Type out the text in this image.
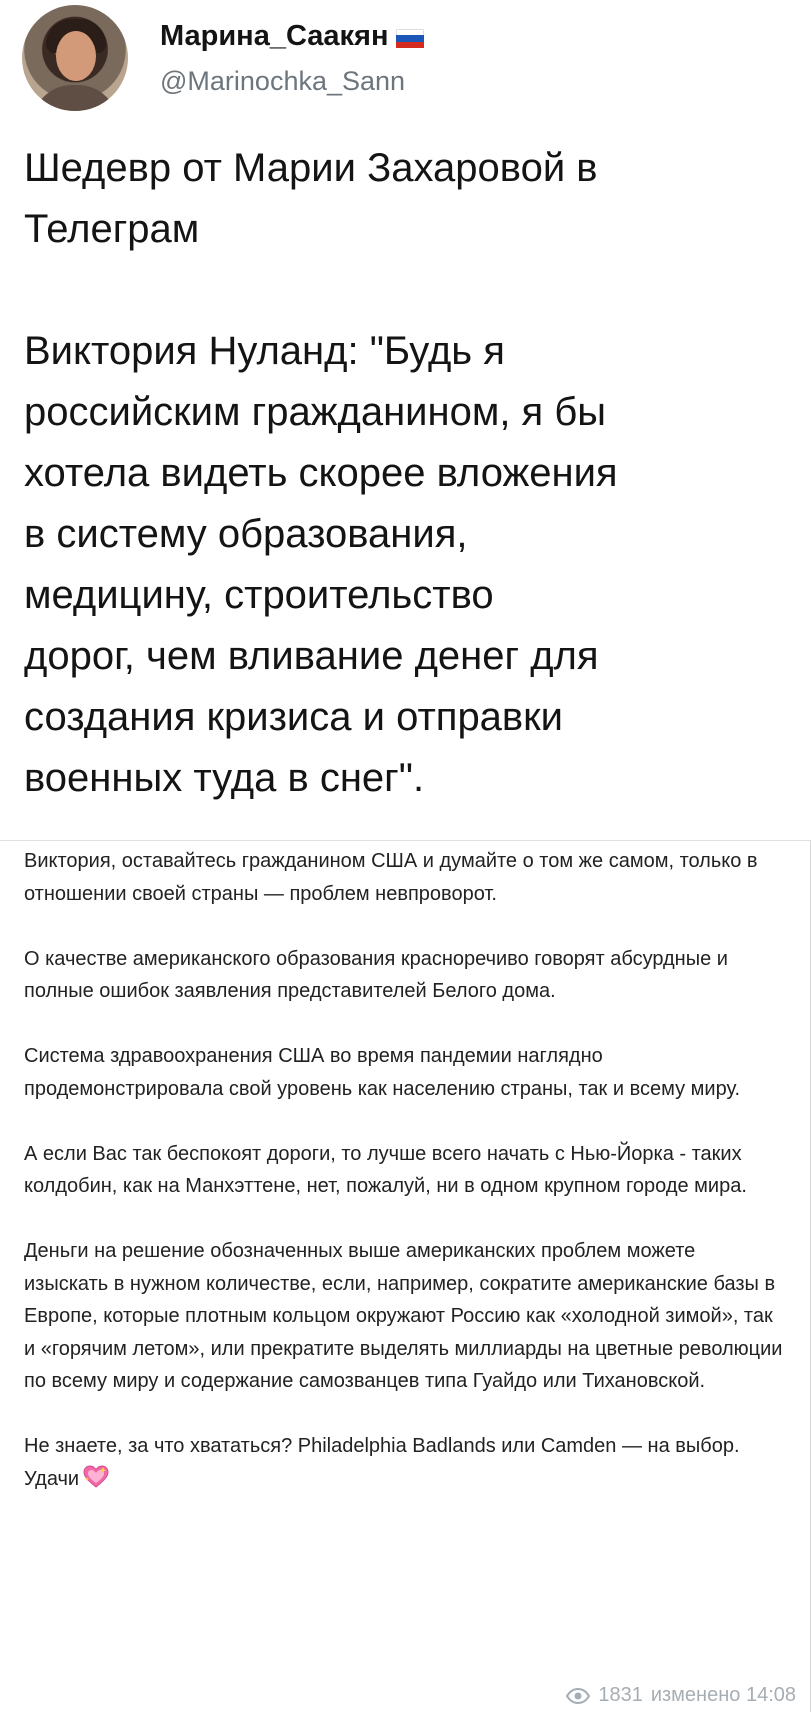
Марина_Саакян
@Marinochka_Sann
Шедевр от Марии Захаровой в
Телеграм

Виктория Нуланд: "Будь я
российским гражданином, я бы
хотела видеть скорее вложения
в систему образования,
медицину, строительство
дорог, чем вливание денег для
создания кризиса и отправки
военных туда в снег".

Виктория, оставайтесь гражданином США и думайте о том же самом, только в отношении своей страны — проблем невпроворот.

О качестве американского образования красноречиво говорят абсурдные и полные ошибок заявления представителей Белого дома.

Система здравоохранения США во время пандемии наглядно продемонстрировала свой уровень как населению страны, так и всему миру.

А если Вас так беспокоят дороги, то лучше всего начать с Нью-Йорка - таких колдобин, как на Манхэттене, нет, пожалуй, ни в одном крупном городе мира.

Деньги на решение обозначенных выше американских проблем можете изыскать в нужном количестве, если, например, сократите американские базы в Европе, которые плотным кольцом окружают Россию как «холодной зимой», так и «горячим летом», или прекратите выделять миллиарды на цветные революции по всему миру и содержание самозванцев типа Гуайдо или Тихановской.

Не знаете, за что хвататься? Philadelphia Badlands или Camden — на выбор. Удачи

1831 изменено 14:08
